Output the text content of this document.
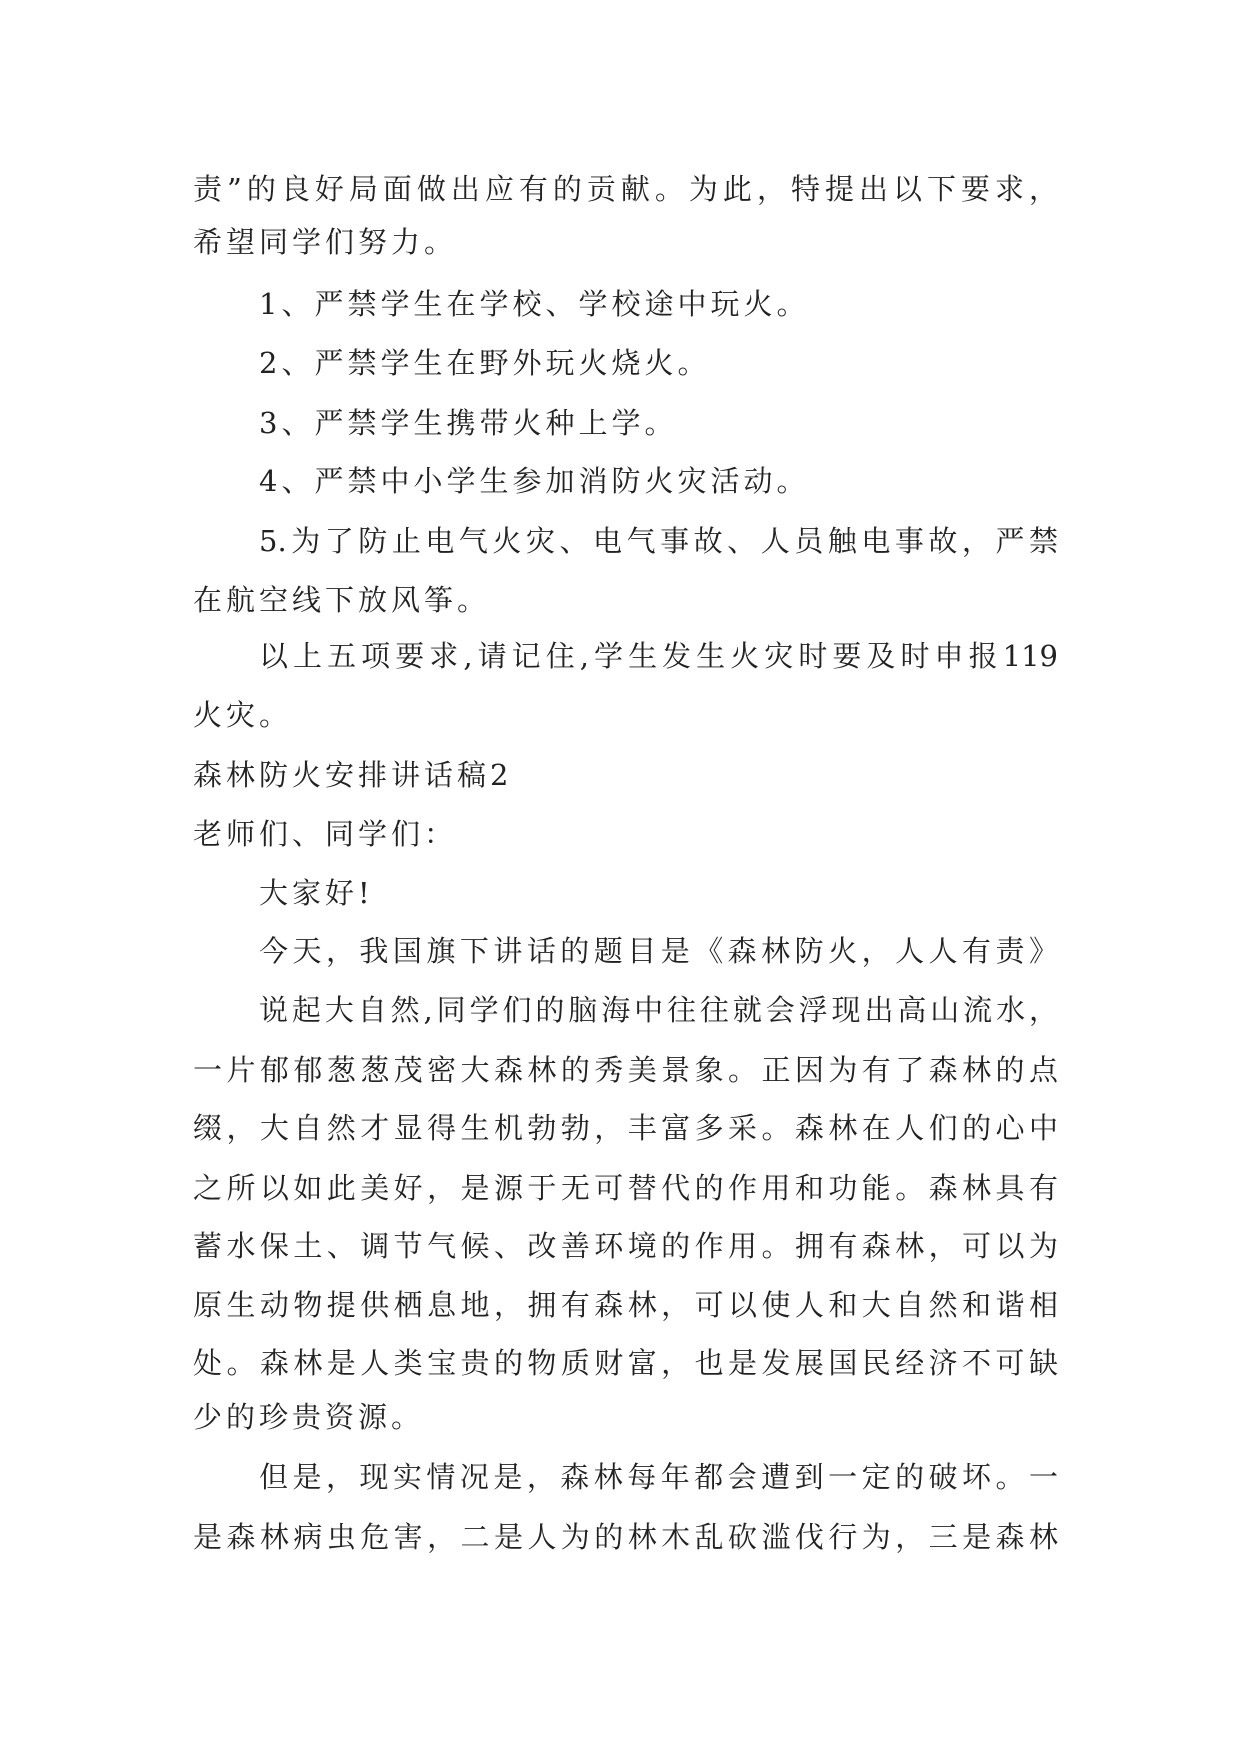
责”的良好局面做出应有的贡献。为此，特提出以下要求，
希望同学们努力。
1、严禁学生在学校、学校途中玩火。
2、严禁学生在野外玩火烧火。
3、严禁学生携带火种上学。
4、严禁中小学生参加消防火灾活动。
5.为了防止电气火灾、电气事故、人员触电事故，严禁
在航空线下放风筝。
以上五项要求,请记住,学生发生火灾时要及时申报119
火灾。
森林防火安排讲话稿2
老师们、同学们：
大家好!
今天，我国旗下讲话的题目是《森林防火，人人有责》
说起大自然,同学们的脑海中往往就会浮现出高山流水，
一片郁郁葱葱茂密大森林的秀美景象。正因为有了森林的点
缀，大自然才显得生机勃勃，丰富多采。森林在人们的心中
之所以如此美好，是源于无可替代的作用和功能。森林具有
蓄水保土、调节气候、改善环境的作用。拥有森林，可以为
原生动物提供栖息地，拥有森林，可以使人和大自然和谐相
处。森林是人类宝贵的物质财富，也是发展国民经济不可缺
少的珍贵资源。
但是，现实情况是，森林每年都会遭到一定的破坏。一
是森林病虫危害，二是人为的林木乱砍滥伐行为，三是森林
